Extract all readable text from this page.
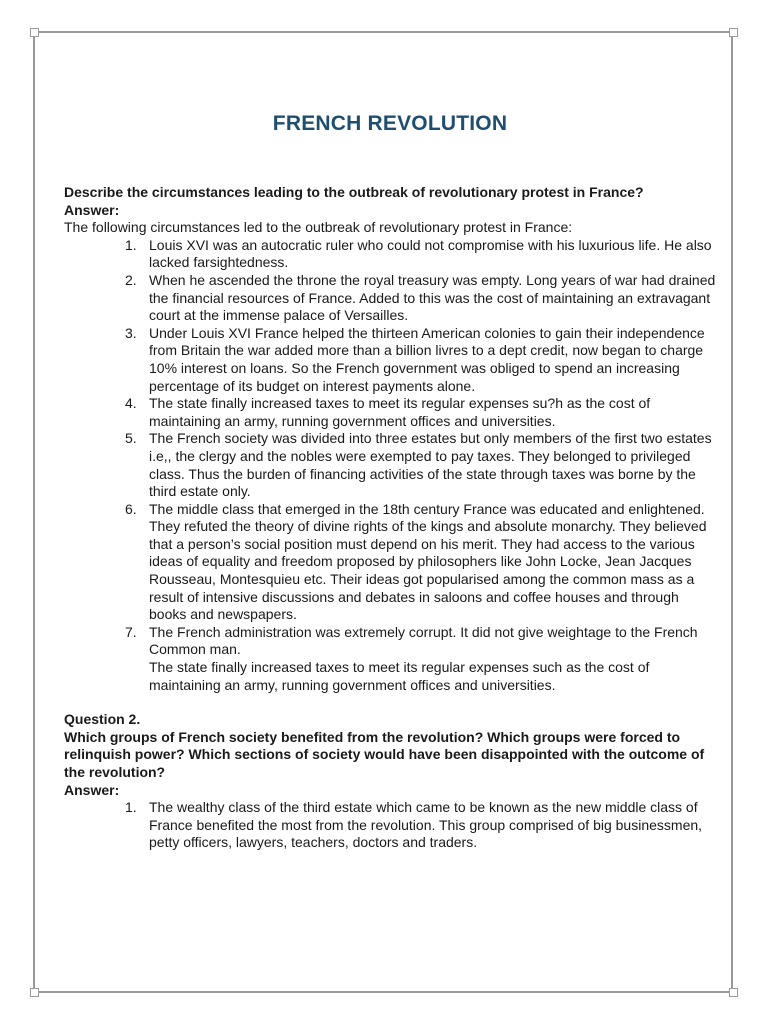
FRENCH REVOLUTION

Describe the circumstances leading to the outbreak of revolutionary protest in France?

Answer:

The following circumstances led to the outbreak of revolutionary protest in France:

1. Louis XVI was an autocratic ruler who could not compromise with his luxurious life. He also lacked farsightedness.
2. When he ascended the throne the royal treasury was empty. Long years of war had drained the financial resources of France. Added to this was the cost of maintaining an extravagant court at the immense palace of Versailles.
3. Under Louis XVI France helped the thirteen American colonies to gain their independence from Britain the war added more than a billion livres to a dept credit, now began to charge 10% interest on loans. So the French government was obliged to spend an increasing percentage of its budget on interest payments alone.
4. The state finally increased taxes to meet its regular expenses su?h as the cost of maintaining an army, running government offices and universities.
5. The French society was divided into three estates but only members of the first two estates i.e,, the clergy and the nobles were exempted to pay taxes. They belonged to privileged class. Thus the burden of financing activities of the state through taxes was borne by the third estate only.
6. The middle class that emerged in the 18th century France was educated and enlightened. They refuted the theory of divine rights of the kings and absolute monarchy. They believed that a person’s social position must depend on his merit. They had access to the various ideas of equality and freedom proposed by philosophers like John Locke, Jean Jacques Rousseau, Montesquieu etc. Their ideas got popularised among the common mass as a result of intensive discussions and debates in saloons and coffee houses and through books and newspapers.
7. The French administration was extremely corrupt. It did not give weightage to the French Common man.
The state finally increased taxes to meet its regular expenses such as the cost of maintaining an army, running government offices and universities.

Question 2.

Which groups of French society benefited from the revolution? Which groups were forced to relinquish power? Which sections of society would have been disappointed with the outcome of the revolution?

Answer:

1. The wealthy class of the third estate which came to be known as the new middle class of France benefited the most from the revolution. This group comprised of big businessmen, petty officers, lawyers, teachers, doctors and traders.
